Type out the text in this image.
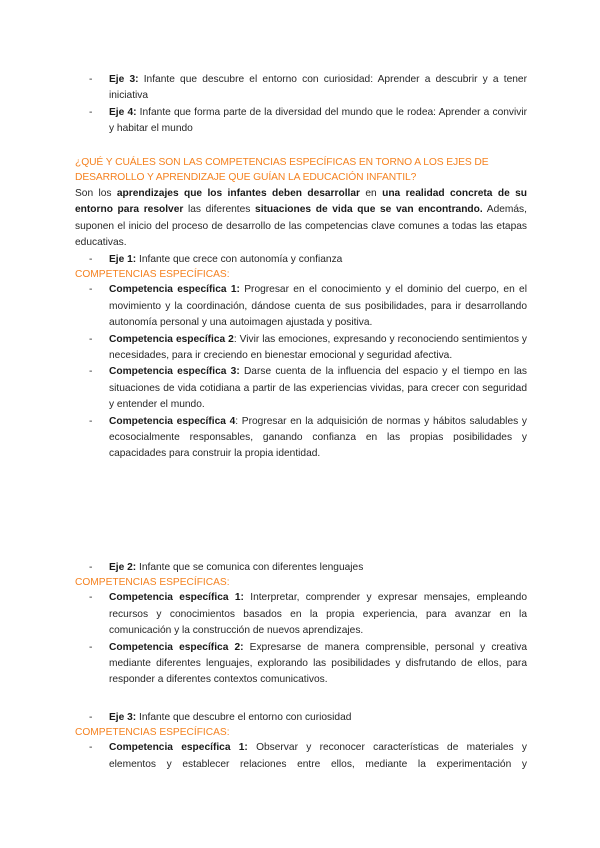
- Eje 3: Infante que descubre el entorno con curiosidad: Aprender a descubrir y a tener iniciativa
- Eje 4: Infante que forma parte de la diversidad del mundo que le rodea: Aprender a convivir y habitar el mundo
¿QUÉ Y CUÁLES SON LAS COMPETENCIAS ESPECÍFICAS EN TORNO A LOS EJES DE DESARROLLO Y APRENDIZAJE QUE GUÍAN LA EDUCACIÓN INFANTIL?
Son los aprendizajes que los infantes deben desarrollar en una realidad concreta de su entorno para resolver las diferentes situaciones de vida que se van encontrando. Además, suponen el inicio del proceso de desarrollo de las competencias clave comunes a todas las etapas educativas.
- Eje 1: Infante que crece con autonomía y confianza
COMPETENCIAS ESPECÍFICAS:
- Competencia específica 1: Progresar en el conocimiento y el dominio del cuerpo, en el movimiento y la coordinación, dándose cuenta de sus posibilidades, para ir desarrollando autonomía personal y una autoimagen ajustada y positiva.
- Competencia específica 2: Vivir las emociones, expresando y reconociendo sentimientos y necesidades, para ir creciendo en bienestar emocional y seguridad afectiva.
- Competencia específica 3: Darse cuenta de la influencia del espacio y el tiempo en las situaciones de vida cotidiana a partir de las experiencias vividas, para crecer con seguridad y entender el mundo.
- Competencia específica 4: Progresar en la adquisición de normas y hábitos saludables y ecosocialmente responsables, ganando confianza en las propias posibilidades y capacidades para construir la propia identidad.
- Eje 2: Infante que se comunica con diferentes lenguajes
COMPETENCIAS ESPECÍFICAS:
- Competencia específica 1: Interpretar, comprender y expresar mensajes, empleando recursos y conocimientos basados en la propia experiencia, para avanzar en la comunicación y la construcción de nuevos aprendizajes.
- Competencia específica 2: Expresarse de manera comprensible, personal y creativa mediante diferentes lenguajes, explorando las posibilidades y disfrutando de ellos, para responder a diferentes contextos comunicativos.
- Eje 3: Infante que descubre el entorno con curiosidad
COMPETENCIAS ESPECÍFICAS:
- Competencia específica 1: Observar y reconocer características de materiales y elementos y establecer relaciones entre ellos, mediante la experimentación y
